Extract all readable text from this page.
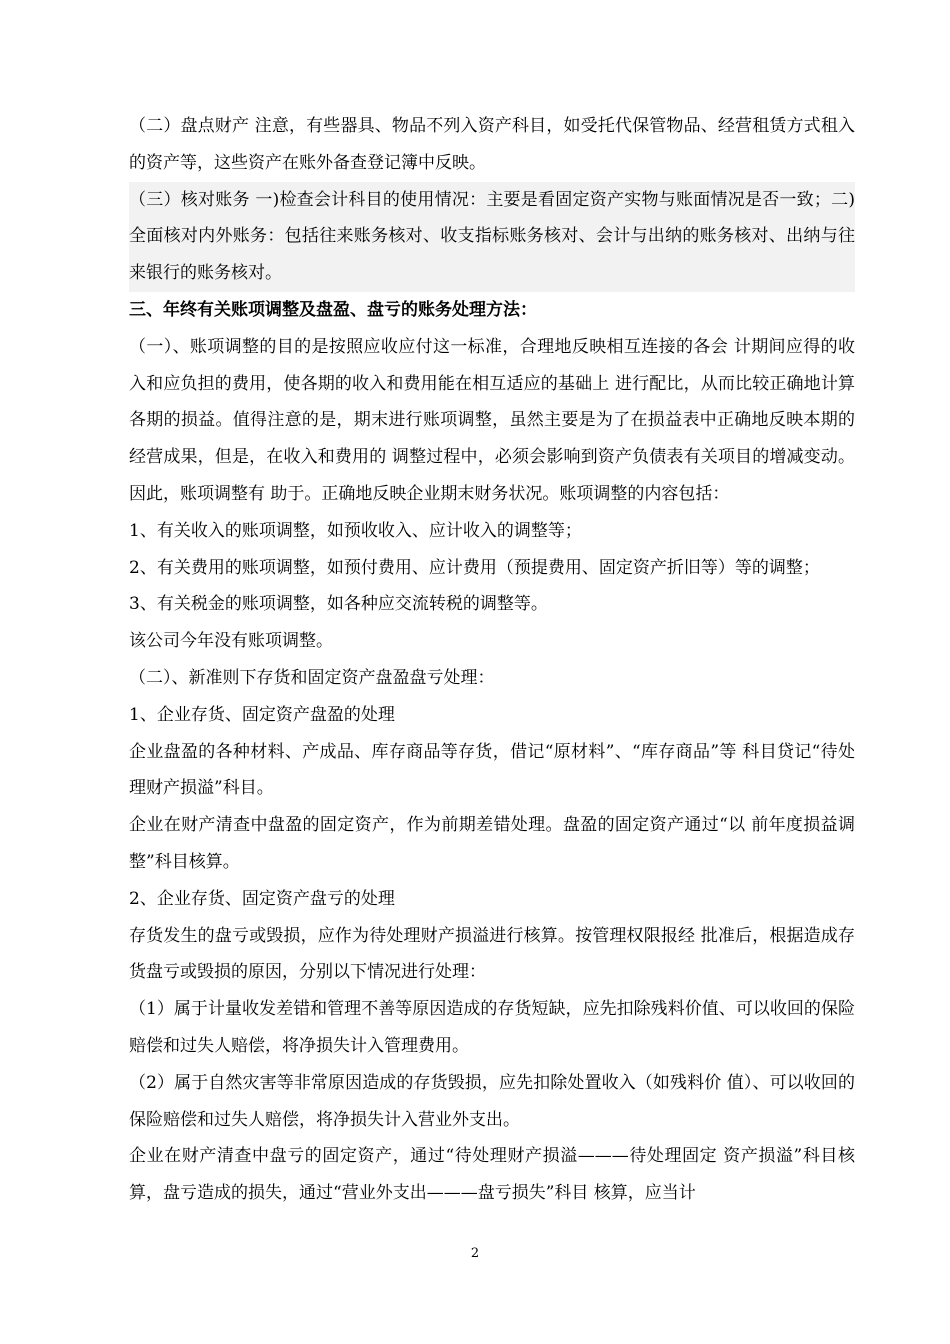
（二）盘点财产 注意，有些器具、物品不列入资产科目，如受托代保管物品、经营租赁方式租入的资产等，这些资产在账外备查登记簿中反映。

（三）核对账务 一)检查会计科目的使用情况：主要是看固定资产实物与账面情况是否一致；二)全面核对内外账务：包括往来账务核对、收支指标账务核对、会计与出纳的账务核对、出纳与往来银行的账务核对。

三、年终有关账项调整及盘盈、盘亏的账务处理方法：

（一）、账项调整的目的是按照应收应付这一标准，合理地反映相互连接的各会 计期间应得的收入和应负担的费用，使各期的收入和费用能在相互适应的基础上 进行配比，从而比较正确地计算各期的损益。值得注意的是，期末进行账项调整，虽然主要是为了在损益表中正确地反映本期的经营成果，但是，在收入和费用的 调整过程中，必须会影响到资产负债表有关项目的增减变动。因此，账项调整有 助于。正确地反映企业期末财务状况。账项调整的内容包括：

1、有关收入的账项调整，如预收收入、应计收入的调整等；

2、有关费用的账项调整，如预付费用、应计费用（预提费用、固定资产折旧等）等的调整；

3、有关税金的账项调整，如各种应交流转税的调整等。

该公司今年没有账项调整。

（二）、新准则下存货和固定资产盘盈盘亏处理：

1、企业存货、固定资产盘盈的处理

企业盘盈的各种材料、产成品、库存商品等存货，借记“原材料”、“库存商品”等 科目贷记“待处理财产损溢”科目。

企业在财产清查中盘盈的固定资产，作为前期差错处理。盘盈的固定资产通过“以 前年度损益调整”科目核算。

2、企业存货、固定资产盘亏的处理

存货发生的盘亏或毁损，应作为待处理财产损溢进行核算。按管理权限报经 批准后，根据造成存货盘亏或毁损的原因，分别以下情况进行处理：

（1）属于计量收发差错和管理不善等原因造成的存货短缺，应先扣除残料价值、可以收回的保险赔偿和过失人赔偿，将净损失计入管理费用。

（2）属于自然灾害等非常原因造成的存货毁损，应先扣除处置收入（如残料价 值）、可以收回的保险赔偿和过失人赔偿，将净损失计入营业外支出。

企业在财产清查中盘亏的固定资产，通过“待处理财产损溢———待处理固定 资产损溢”科目核算，盘亏造成的损失，通过“营业外支出———盘亏损失”科目 核算，应当计

2
